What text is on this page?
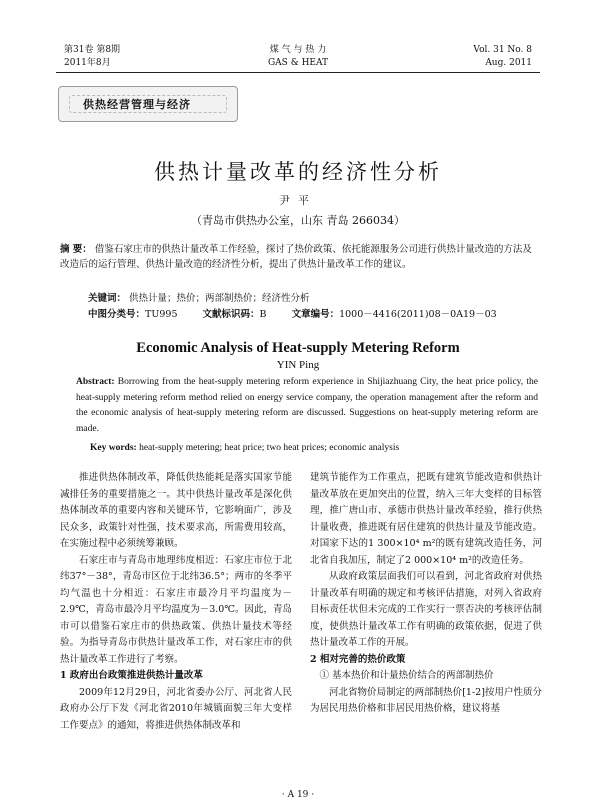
第31卷 第8期
2011年8月
煤 气 与 热 力
GAS & HEAT
Vol. 31 No. 8
Aug. 2011
供热经营管理与经济
供热计量改革的经济性分析
尹平
（青岛市供热办公室，山东 青岛 266034）
摘 要： 借鉴石家庄市的供热计量改革工作经验，探讨了热价政策、依托能源服务公司进行供热计量改造的方法及改造后的运行管理、供热计量改造的经济性分析，提出了供热计量改革工作的建议。
关键词： 供热计量；热价；两部制热价；经济性分析
中图分类号：TU995	文献标识码：B	文章编号：1000－4416(2011)08－0A19－03
Economic Analysis of Heat-supply Metering Reform
YIN Ping
Abstract: Borrowing from the heat-supply metering reform experience in Shijiazhuang City, the heat price policy, the heat-supply metering reform method relied on energy service company, the operation management after the reform and the economic analysis of heat-supply metering reform are discussed. Suggestions on heat-supply metering reform are made.
Key words: heat-supply metering; heat price; two heat prices; economic analysis

推进供热体制改革，降低供热能耗是落实国家节能减排任务的重要措施之一。其中供热计量改革是深化供热体制改革的重要内容和关键环节，它影响面广，涉及民众多，政策针对性强，技术要求高，所需费用较高，在实施过程中必须统筹兼顾。

石家庄市与青岛市地理纬度相近：石家庄市位于北纬37°－38°，青岛市区位于北纬36.5°；两市的冬季平均气温也十分相近：石家庄市最冷月平均温度为－2.9℃，青岛市最冷月平均温度为－3.0℃。因此，青岛市可以借鉴石家庄市的供热政策、供热计量技术等经验。为指导青岛市供热计量改革工作，对石家庄市的供热计量改革工作进行了考察。

1 政府出台政策推进供热计量改革

2009年12月29日，河北省委办公厅、河北省人民政府办公厅下发《河北省2010年城镇面貌三年大变样工作要点》的通知，将推进供热体制改革和

建筑节能作为工作重点，把既有建筑节能改造和供热计量改革放在更加突出的位置，纳入三年大变样的目标管理，推广唐山市、承德市供热计量改革经验，推行供热计量收费，推进既有居住建筑的供热计量及节能改造。对国家下达的1 300×10⁴ m²的既有建筑改造任务，河北省自我加压，制定了2 000×10⁴ m²的改造任务。

从政府政策层面我们可以看到，河北省政府对供热计量改革有明确的规定和考核评估措施，对列入省政府目标责任状但未完成的工作实行一票否决的考核评估制度，使供热计量改革工作有明确的政策依据，促进了供热计量改革工作的开展。

2 相对完善的热价政策

① 基本热价和计量热价结合的两部制热价

河北省物价局制定的两部制热价[1-2]按用户性质分为居民用热价格和非居民用热价格，建议将基

· A 19 ·
